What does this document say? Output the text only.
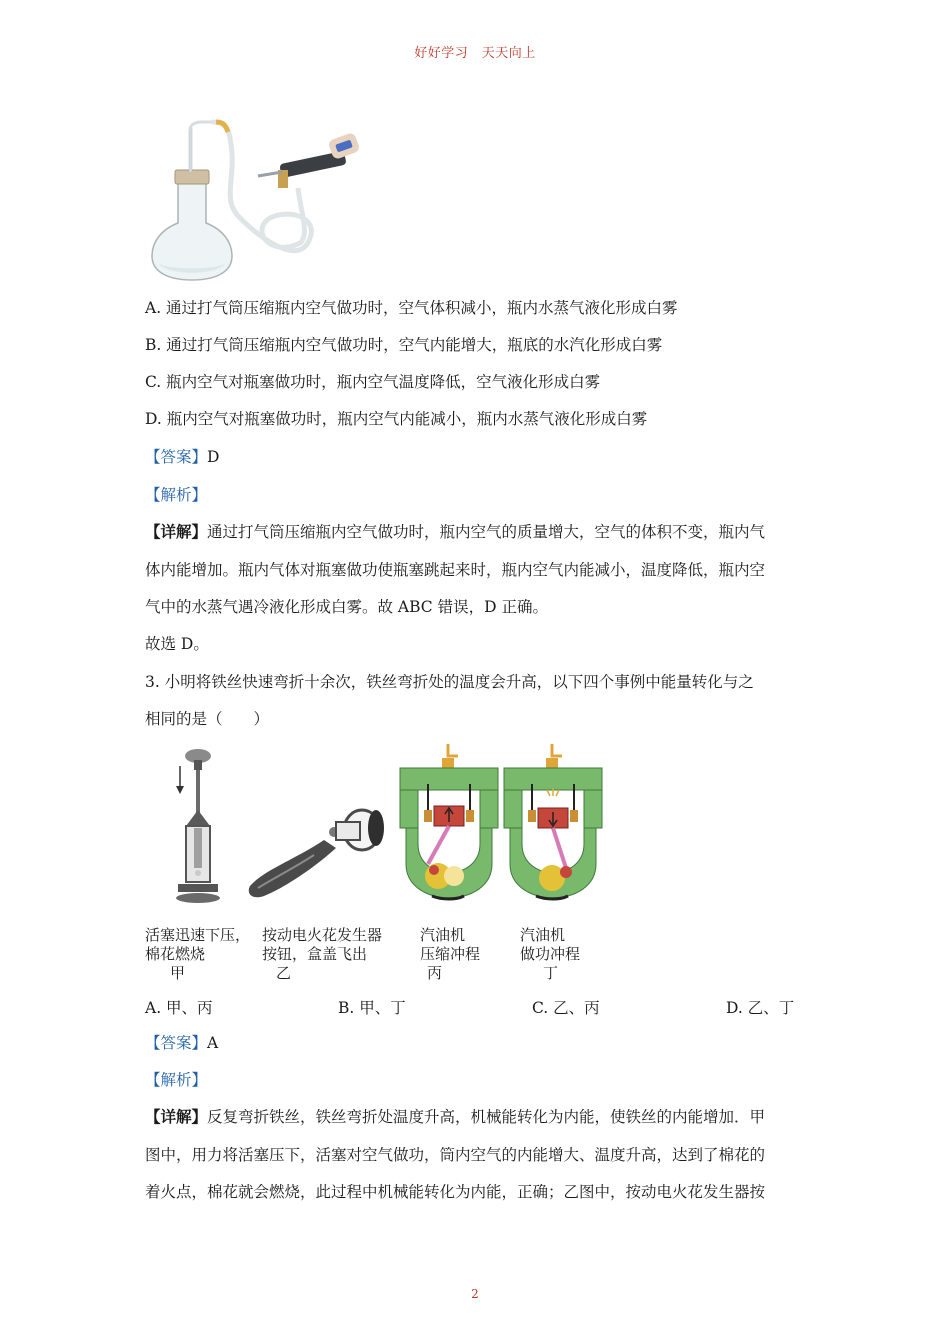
好好学习　天天向上
A. 通过打气筒压缩瓶内空气做功时，空气体积减小，瓶内水蒸气液化形成白雾
B. 通过打气筒压缩瓶内空气做功时，空气内能增大，瓶底的水汽化形成白雾
C. 瓶内空气对瓶塞做功时，瓶内空气温度降低，空气液化形成白雾
D. 瓶内空气对瓶塞做功时，瓶内空气内能减小，瓶内水蒸气液化形成白雾
【答案】D
【解析】
【详解】通过打气筒压缩瓶内空气做功时，瓶内空气的质量增大，空气的体积不变，瓶内气
体内能增加。瓶内气体对瓶塞做功使瓶塞跳起来时，瓶内空气内能减小，温度降低，瓶内空
气中的水蒸气遇冷液化形成白雾。故 ABC 错误，D 正确。
故选 D。
3. 小明将铁丝快速弯折十余次，铁丝弯折处的温度会升高，以下四个事例中能量转化与之
相同的是（　　）
活塞迅速下压，
棉花燃烧
甲
按动电火花发生器
按钮，盒盖飞出
乙
汽油机
压缩冲程
丙
汽油机
做功冲程
丁
A. 甲、丙	B. 甲、丁	C. 乙、丙	D. 乙、丁
【答案】A
【解析】
【详解】反复弯折铁丝，铁丝弯折处温度升高，机械能转化为内能，使铁丝的内能增加．甲
图中，用力将活塞压下，活塞对空气做功，筒内空气的内能增大、温度升高，达到了棉花的
着火点，棉花就会燃烧，此过程中机械能转化为内能，正确；乙图中，按动电火花发生器按
2
